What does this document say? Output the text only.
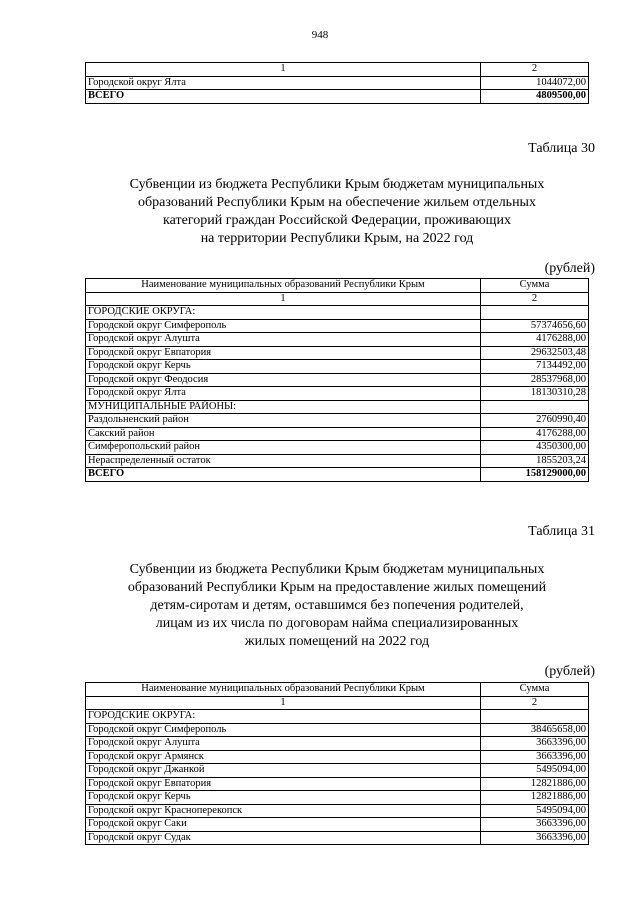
948
1	2
Городской округ Ялта	1044072,00
ВСЕГО	4809500,00
Таблица 30
Субвенции из бюджета Республики Крым бюджетам муниципальных
образований Республики Крым на обеспечение жильем отдельных
категорий граждан Российской Федерации, проживающих
на территории Республики Крым, на 2022 год
(рублей)
Наименование муниципальных образований Республики Крым	Сумма
1	2
ГОРОДСКИЕ ОКРУГА:	
Городской округ Симферополь	57374656,60
Городской округ Алушта	4176288,00
Городской округ Евпатория	29632503,48
Городской округ Керчь	7134492,00
Городской округ Феодосия	28537968,00
Городской округ Ялта	18130310,28
МУНИЦИПАЛЬНЫЕ РАЙОНЫ:	
Раздольненский район	2760990,40
Сакский район	4176288,00
Симферопольский район	4350300,00
Нераспределенный остаток	1855203,24
ВСЕГО	158129000,00
Таблица 31
Субвенции из бюджета Республики Крым бюджетам муниципальных
образований Республики Крым на предоставление жилых помещений
детям-сиротам и детям, оставшимся без попечения родителей,
лицам из их числа по договорам найма специализированных
жилых помещений на 2022 год
(рублей)
Наименование муниципальных образований Республики Крым	Сумма
1	2
ГОРОДСКИЕ ОКРУГА:	
Городской округ Симферополь	38465658,00
Городской округ Алушта	3663396,00
Городской округ Армянск	3663396,00
Городской округ Джанкой	5495094,00
Городской округ Евпатория	12821886,00
Городской округ Керчь	12821886,00
Городской округ Красноперекопск	5495094,00
Городской округ Саки	3663396,00
Городской округ Судак	3663396,00
